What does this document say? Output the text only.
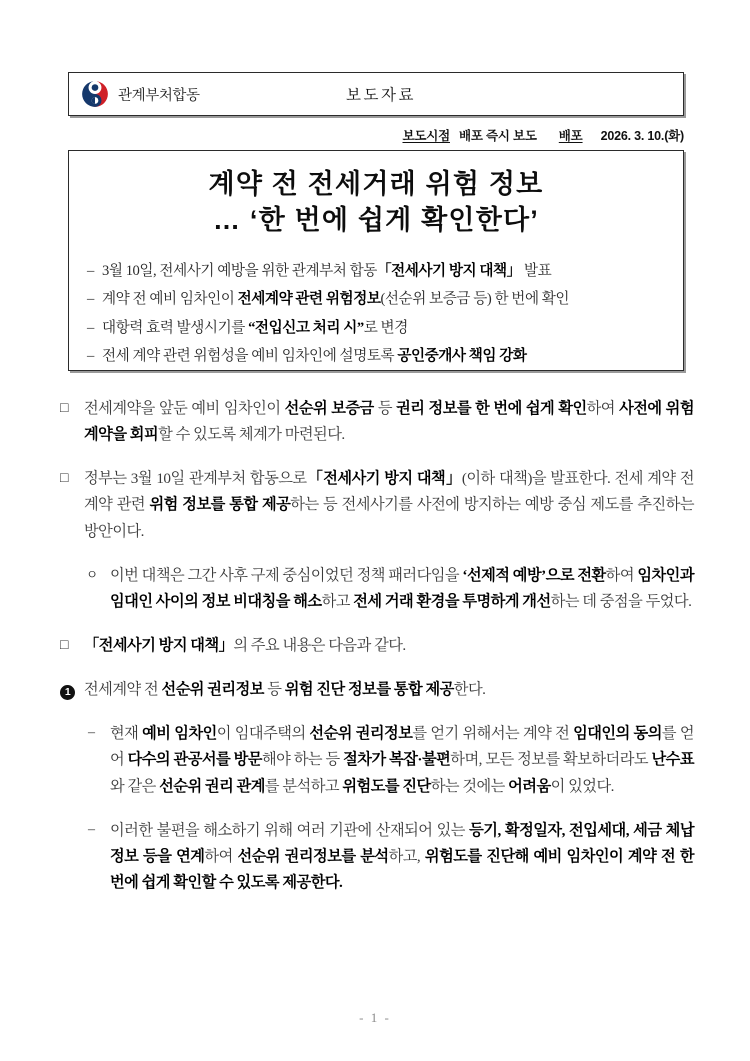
관계부처합동	보도자료
보도시점 배포 즉시 보도 배포 2026. 3. 10.(화)
계약 전 전세거래 위험 정보
… ‘한 번에 쉽게 확인한다’
– 3월 10일, 전세사기 예방을 위한 관계부처 합동「전세사기 방지 대책」 발표
– 계약 전 예비 임차인이 전세계약 관련 위험정보(선순위 보증금 등) 한 번에 확인
– 대항력 효력 발생시기를 “전입신고 처리 시”로 변경
– 전세 계약 관련 위험성을 예비 임차인에 설명토록 공인중개사 책임 강화
□ 전세계약을 앞둔 예비 임차인이 선순위 보증금 등 권리 정보를 한 번에 쉽게 확인하여 사전에 위험계약을 회피할 수 있도록 체계가 마련된다.
□ 정부는 3월 10일 관계부처 합동으로「전세사기 방지 대책」(이하 대책)을 발표한다. 전세 계약 전 계약 관련 위험 정보를 통합 제공하는 등 전세사기를 사전에 방지하는 예방 중심 제도를 추진하는 방안이다.
ㅇ 이번 대책은 그간 사후 구제 중심이었던 정책 패러다임을 ‘선제적 예방’으로 전환하여 임차인과 임대인 사이의 정보 비대칭을 해소하고 전세 거래 환경을 투명하게 개선하는 데 중점을 두었다.
□ 「전세사기 방지 대책」의 주요 내용은 다음과 같다.
1 전세계약 전 선순위 권리정보 등 위험 진단 정보를 통합 제공한다.
– 현재 예비 임차인이 임대주택의 선순위 권리정보를 얻기 위해서는 계약 전 임대인의 동의를 얻어 다수의 관공서를 방문해야 하는 등 절차가 복잡·불편하며, 모든 정보를 확보하더라도 난수표와 같은 선순위 권리 관계를 분석하고 위험도를 진단하는 것에는 어려움이 있었다.
– 이러한 불편을 해소하기 위해 여러 기관에 산재되어 있는 등기, 확정일자, 전입세대, 세금 체납 정보 등을 연계하여 선순위 권리정보를 분석하고, 위험도를 진단해 예비 임차인이 계약 전 한 번에 쉽게 확인할 수 있도록 제공한다.
- 1 -
